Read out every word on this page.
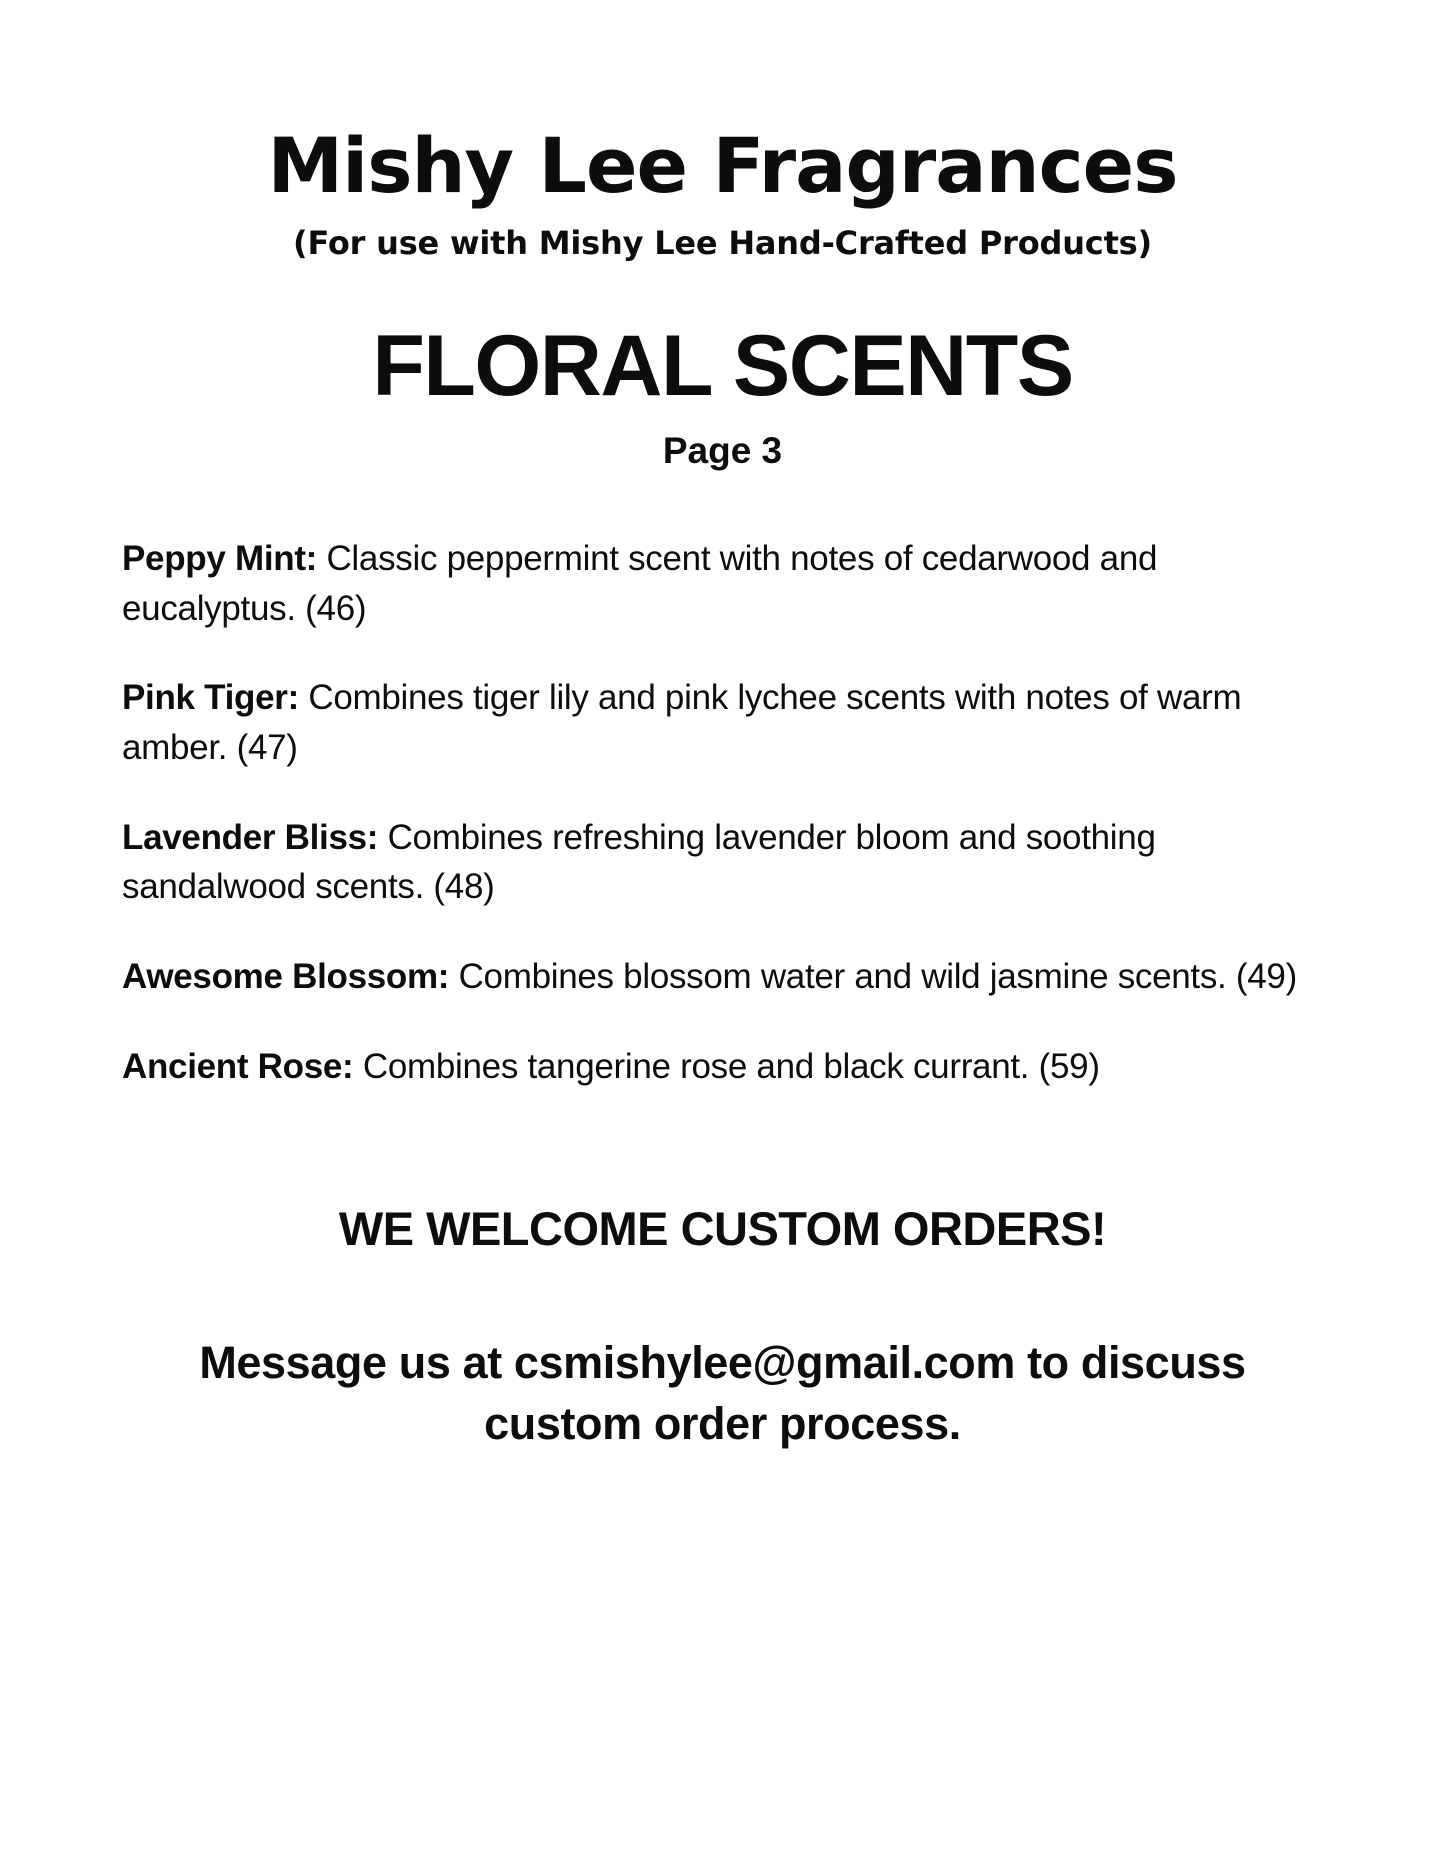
Mishy Lee Fragrances
(For use with Mishy Lee Hand-Crafted Products)
FLORAL SCENTS
Page 3

Peppy Mint: Classic peppermint scent with notes of cedarwood and eucalyptus. (46)

Pink Tiger: Combines tiger lily and pink lychee scents with notes of warm amber. (47)

Lavender Bliss: Combines refreshing lavender bloom and soothing sandalwood scents. (48)

Awesome Blossom: Combines blossom water and wild jasmine scents. (49)

Ancient Rose: Combines tangerine rose and black currant. (59)

WE WELCOME CUSTOM ORDERS!
Message us at csmishylee@gmail.com to discuss custom order process.
